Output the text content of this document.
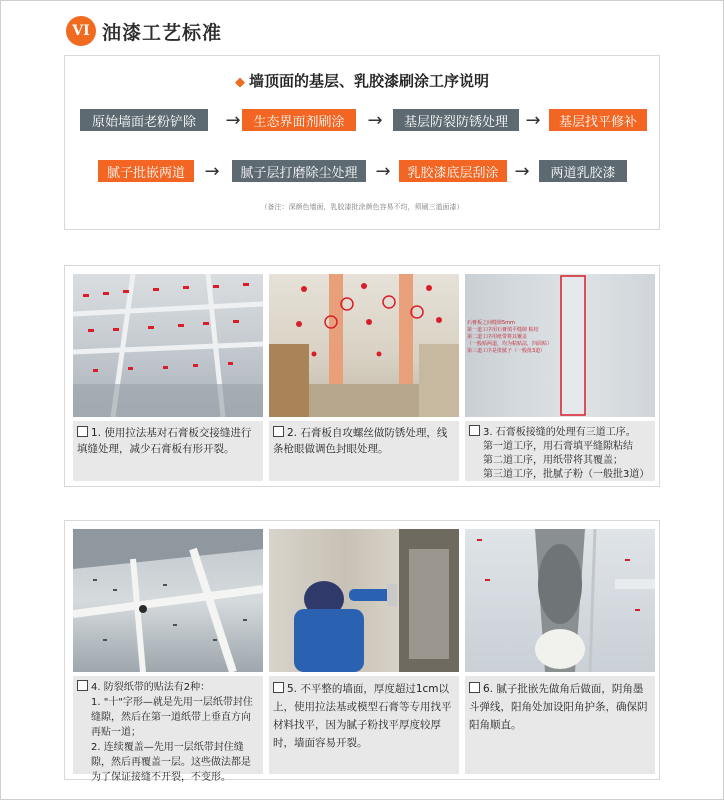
VI 油漆工艺标准
◆ 墙顶面的基层、乳胶漆刷涂工序说明
原始墙面老粉铲除	→ 生态界面剂刷涂	→	基层防裂防锈处理 →	基层找平修补
腻子批嵌两道	→	腻子层打磨除尘处理 →	乳胶漆底层刮涂 →	两道乳胶漆
（备注：深颜色墙面，乳胶漆批涂颜色容易不均，须刷三道面漆）
石膏板之间缝隙5mm
第一道工序用石膏填平缝隙 粘结
第二道工序用纸带将其覆盖
（一般贴两道，均为粘贴法，四面贴）
第三道工序是批腻子（一般批3道）
1. 使用拉法基对石膏板交接缝进行填缝处理，减少石膏板有形开裂。
2. 石膏板自攻螺丝做防锈处理，线条枪眼做调色封眼处理。
3. 石膏板接缝的处理有三道工序。
第一道工序，用石膏填平缝隙粘结
第二道工序，用纸带将其覆盖；
第三道工序，批腻子粉（一般批3道）
4. 防裂纸带的贴法有2种：
1. "十"字形—就是先用一层纸带封住缝隙，然后在第一道纸带上垂直方向再贴一道；
2. 连续覆盖—先用一层纸带封住缝隙，然后再覆盖一层。这些做法都是为了保证接缝不开裂，不变形。
5. 不平整的墙面，厚度超过1cm以上，使用拉法基或模型石膏等专用找平材料找平，因为腻子粉找平厚度较厚时，墙面容易开裂。
6. 腻子批嵌先做角后做面，阴角墨斗弹线，阳角处加设阳角护条，确保阴阳角顺直。
